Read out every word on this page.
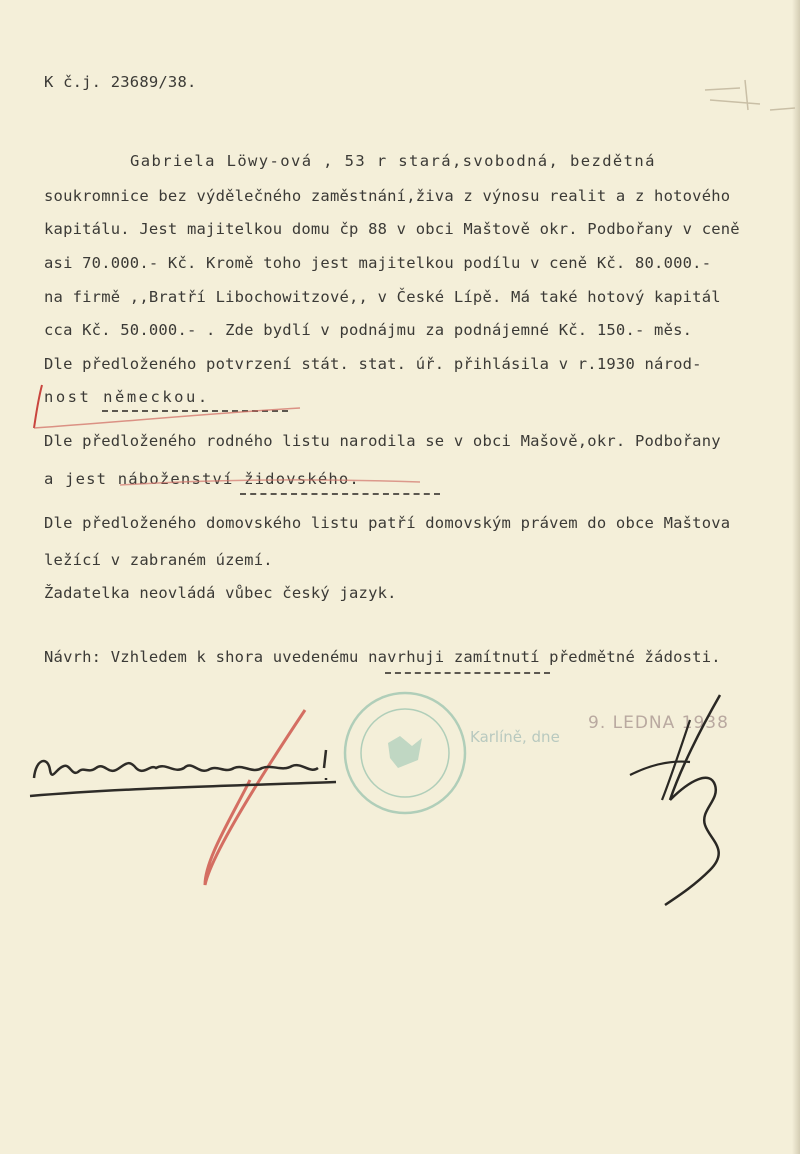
K č.j. 23689/38.
Gabriela Löwy-ová , 53 r stará,svobodná, bezdětná
soukromnice bez výdělečného zaměstnání,živa z výnosu realit a z hotového
kapitálu. Jest majitelkou domu čp 88 v obci Maštově okr. Podbořany v ceně
asi 70.000.- Kč. Kromě toho jest majitelkou podílu v ceně Kč. 80.000.-
na firmě ,,Bratří Libochowitzové,, v České Lípě. Má také hotový kapitál
cca Kč. 50.000.- . Zde bydlí v podnájmu za podnájemné Kč. 150.- měs.
Dle předloženého potvrzení stát. stat. úř. přihlásila v r.1930 národ-
nost německou.
Dle předloženého rodného listu narodila se v obci Mašově,okr. Podbořany
a jest náboženství židovského.
Dle předloženého domovského listu patří domovským právem do obce Maštova
ležící v zabraném území.
Žadatelka neovládá vůbec český jazyk.
Návrh: Vzhledem k shora uvedenému navrhuji zamítnutí předmětné žádosti.
Karlíně, dne
9. LEDNA 1938
